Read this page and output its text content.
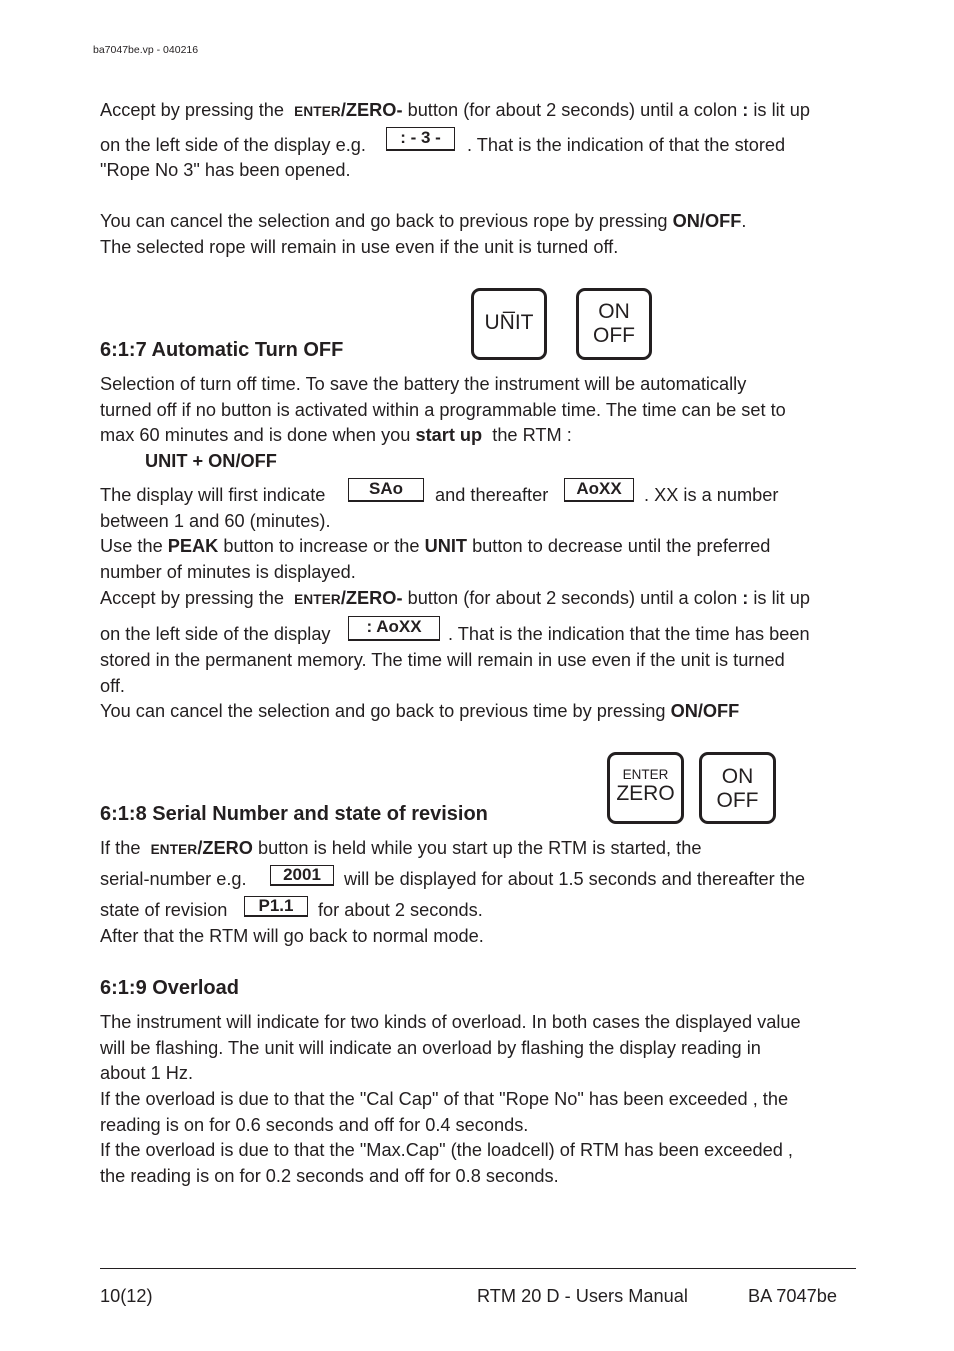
ba7047be.vp - 040216
Accept by pressing the ENTER/ZERO- button (for about 2 seconds) until a colon : is lit up
on the left side of the display e.g.	: - 3 -	. That is the indication of that the stored
"Rope No 3" has been opened.
You can cancel the selection and go back to previous rope by pressing ON/OFF.
The selected rope will remain in use even if the unit is turned off.
_
UNIT	ON
OFF
6:1:7 Automatic Turn OFF
Selection of turn off time. To save the battery the instrument will be automatically
turned off if no button is activated within a programmable time. The time can be set to
max 60 minutes and is done when you start up the RTM :
UNIT + ON/OFF
The display will first indicate	SAo	and thereafter	AoXX	. XX is a number
between 1 and 60 (minutes).
Use the PEAK button to increase or the UNIT button to decrease until the preferred
number of minutes is displayed.
Accept by pressing the ENTER/ZERO- button (for about 2 seconds) until a colon : is lit up
on the left side of the display	: AoXX	. That is the indication that the time has been
stored in the permanent memory. The time will remain in use even if the unit is turned
off.
You can cancel the selection and go back to previous time by pressing ON/OFF
ENTER
ZERO
ON
OFF
6:1:8 Serial Number and state of revision
If the ENTER/ZERO button is held while you start up the RTM is started, the
serial-number e.g.	2001	will be displayed for about 1.5 seconds and thereafter the
state of revision	P1.1	for about 2 seconds.
After that the RTM will go back to normal mode.
6:1:9 Overload
The instrument will indicate for two kinds of overload. In both cases the displayed value
will be flashing. The unit will indicate an overload by flashing the display reading in
about 1 Hz.
If the overload is due to that the "Cal Cap" of that "Rope No" has been exceeded , the
reading is on for 0.6 seconds and off for 0.4 seconds.
If the overload is due to that the "Max.Cap" (the loadcell) of RTM has been exceeded ,
the reading is on for 0.2 seconds and off for 0.8 seconds.
10(12)	RTM 20 D - Users Manual	BA 7047be
